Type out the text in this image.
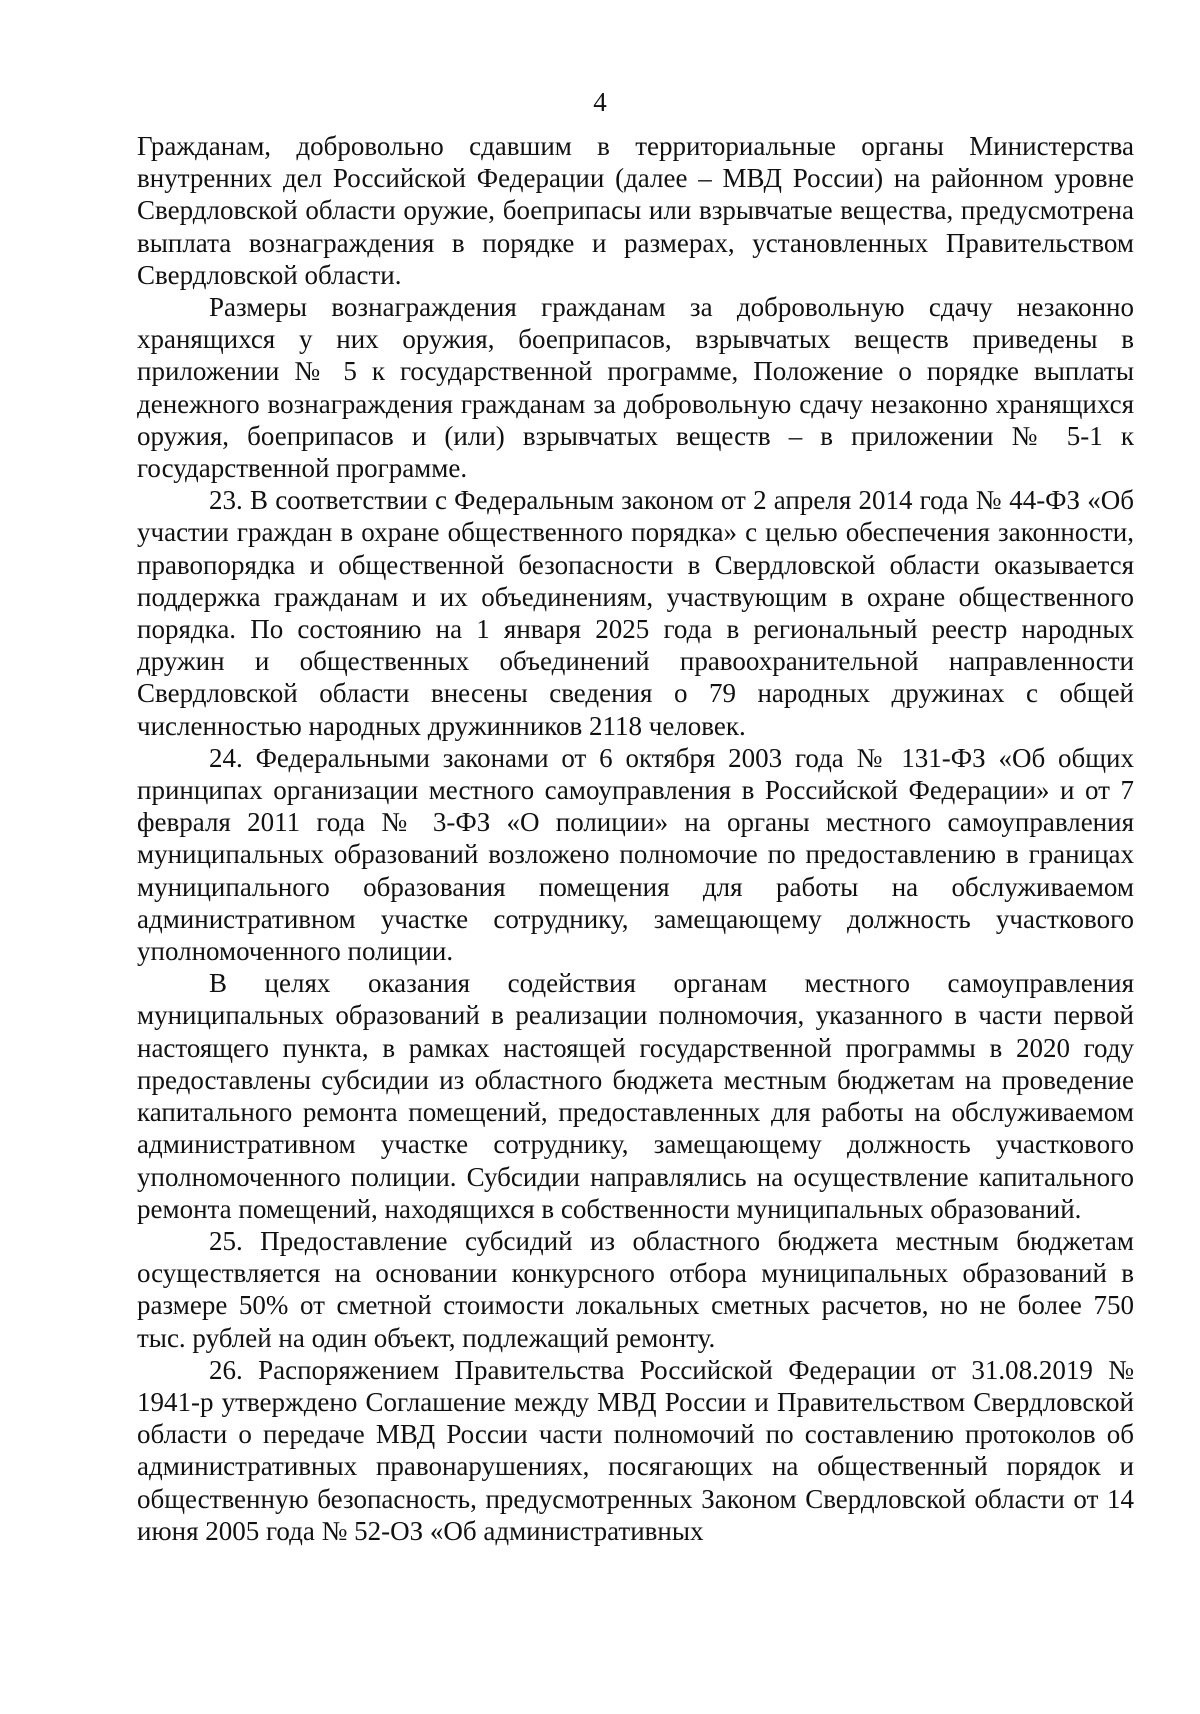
4

Гражданам, добровольно сдавшим в территориальные органы Министерства внутренних дел Российской Федерации (далее – МВД России) на районном уровне Свердловской области оружие, боеприпасы или взрывчатые вещества, предусмотрена выплата вознаграждения в порядке и размерах, установленных Правительством Свердловской области.

Размеры вознаграждения гражданам за добровольную сдачу незаконно хранящихся у них оружия, боеприпасов, взрывчатых веществ приведены в приложении № 5 к государственной программе, Положение о порядке выплаты денежного вознаграждения гражданам за добровольную сдачу незаконно хранящихся оружия, боеприпасов и (или) взрывчатых веществ – в приложении № 5-1 к государственной программе.

23. В соответствии с Федеральным законом от 2 апреля 2014 года № 44-ФЗ «Об участии граждан в охране общественного порядка» с целью обеспечения законности, правопорядка и общественной безопасности в Свердловской области оказывается поддержка гражданам и их объединениям, участвующим в охране общественного порядка. По состоянию на 1 января 2025 года в региональный реестр народных дружин и общественных объединений правоохранительной направленности Свердловской области внесены сведения о 79 народных дружинах с общей численностью народных дружинников 2118 человек.

24. Федеральными законами от 6 октября 2003 года № 131-ФЗ «Об общих принципах организации местного самоуправления в Российской Федерации» и от 7 февраля 2011 года № 3-ФЗ «О полиции» на органы местного самоуправления муниципальных образований возложено полномочие по предоставлению в границах муниципального образования помещения для работы на обслуживаемом административном участке сотруднику, замещающему должность участкового уполномоченного полиции.

В целях оказания содействия органам местного самоуправления муниципальных образований в реализации полномочия, указанного в части первой настоящего пункта, в рамках настоящей государственной программы в 2020 году предоставлены субсидии из областного бюджета местным бюджетам на проведение капитального ремонта помещений, предоставленных для работы на обслуживаемом административном участке сотруднику, замещающему должность участкового уполномоченного полиции. Субсидии направлялись на осуществление капитального ремонта помещений, находящихся в собственности муниципальных образований.

25. Предоставление субсидий из областного бюджета местным бюджетам осуществляется на основании конкурсного отбора муниципальных образований в размере 50% от сметной стоимости локальных сметных расчетов, но не более 750 тыс. рублей на один объект, подлежащий ремонту.

26. Распоряжением Правительства Российской Федерации от 31.08.2019 № 1941-р утверждено Соглашение между МВД России и Правительством Свердловской области о передаче МВД России части полномочий по составлению протоколов об административных правонарушениях, посягающих на общественный порядок и общественную безопасность, предусмотренных Законом Свердловской области от 14 июня 2005 года № 52-ОЗ «Об административных
